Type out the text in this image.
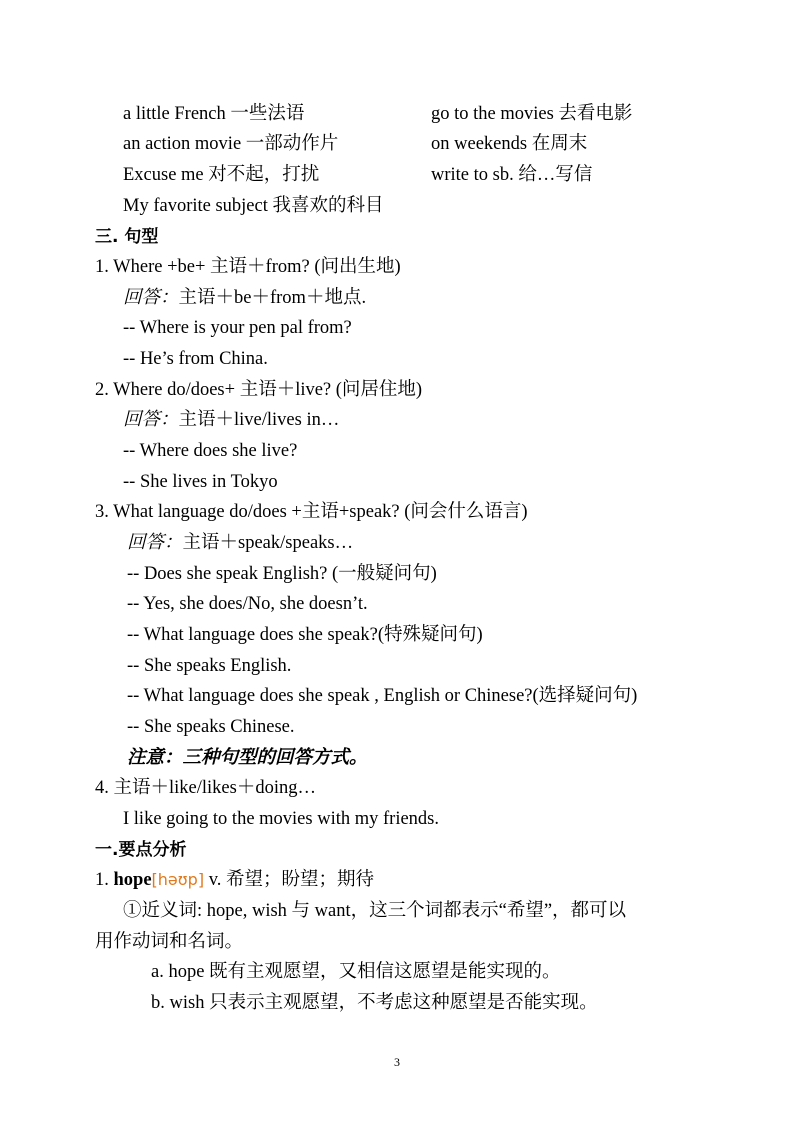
a little French 一些法语	go to the movies 去看电影
an action movie 一部动作片	on weekends 在周末
Excuse me 对不起，打扰	write to sb. 给…写信
My favorite subject 我喜欢的科目
三. 句型
1. Where +be+ 主语＋from? (问出生地)
回答：主语＋be＋from＋地点.
-- Where is your pen pal from?
-- He’s from China.
2. Where do/does+ 主语＋live? (问居住地)
回答：主语＋live/lives in…
-- Where does she live?
-- She lives in Tokyo
3. What language do/does +主语+speak? (问会什么语言)
回答：主语＋speak/speaks…
-- Does she speak English? (一般疑问句)
-- Yes, she does/No, she doesn’t.
-- What language does she speak?(特殊疑问句)
-- She speaks English.
-- What language does she speak , English or Chinese?(选择疑问句)
-- She speaks Chinese.
注意：三种句型的回答方式。
4. 主语＋like/likes＋doing…
I like going to the movies with my friends.
一.要点分析
1. hope[həʊp] v. 希望；盼望；期待
①近义词: hope, wish 与 want，这三个词都表示“希望”，都可以
用作动词和名词。
a. hope 既有主观愿望，又相信这愿望是能实现的。
b. wish 只表示主观愿望，不考虑这种愿望是否能实现。
3
